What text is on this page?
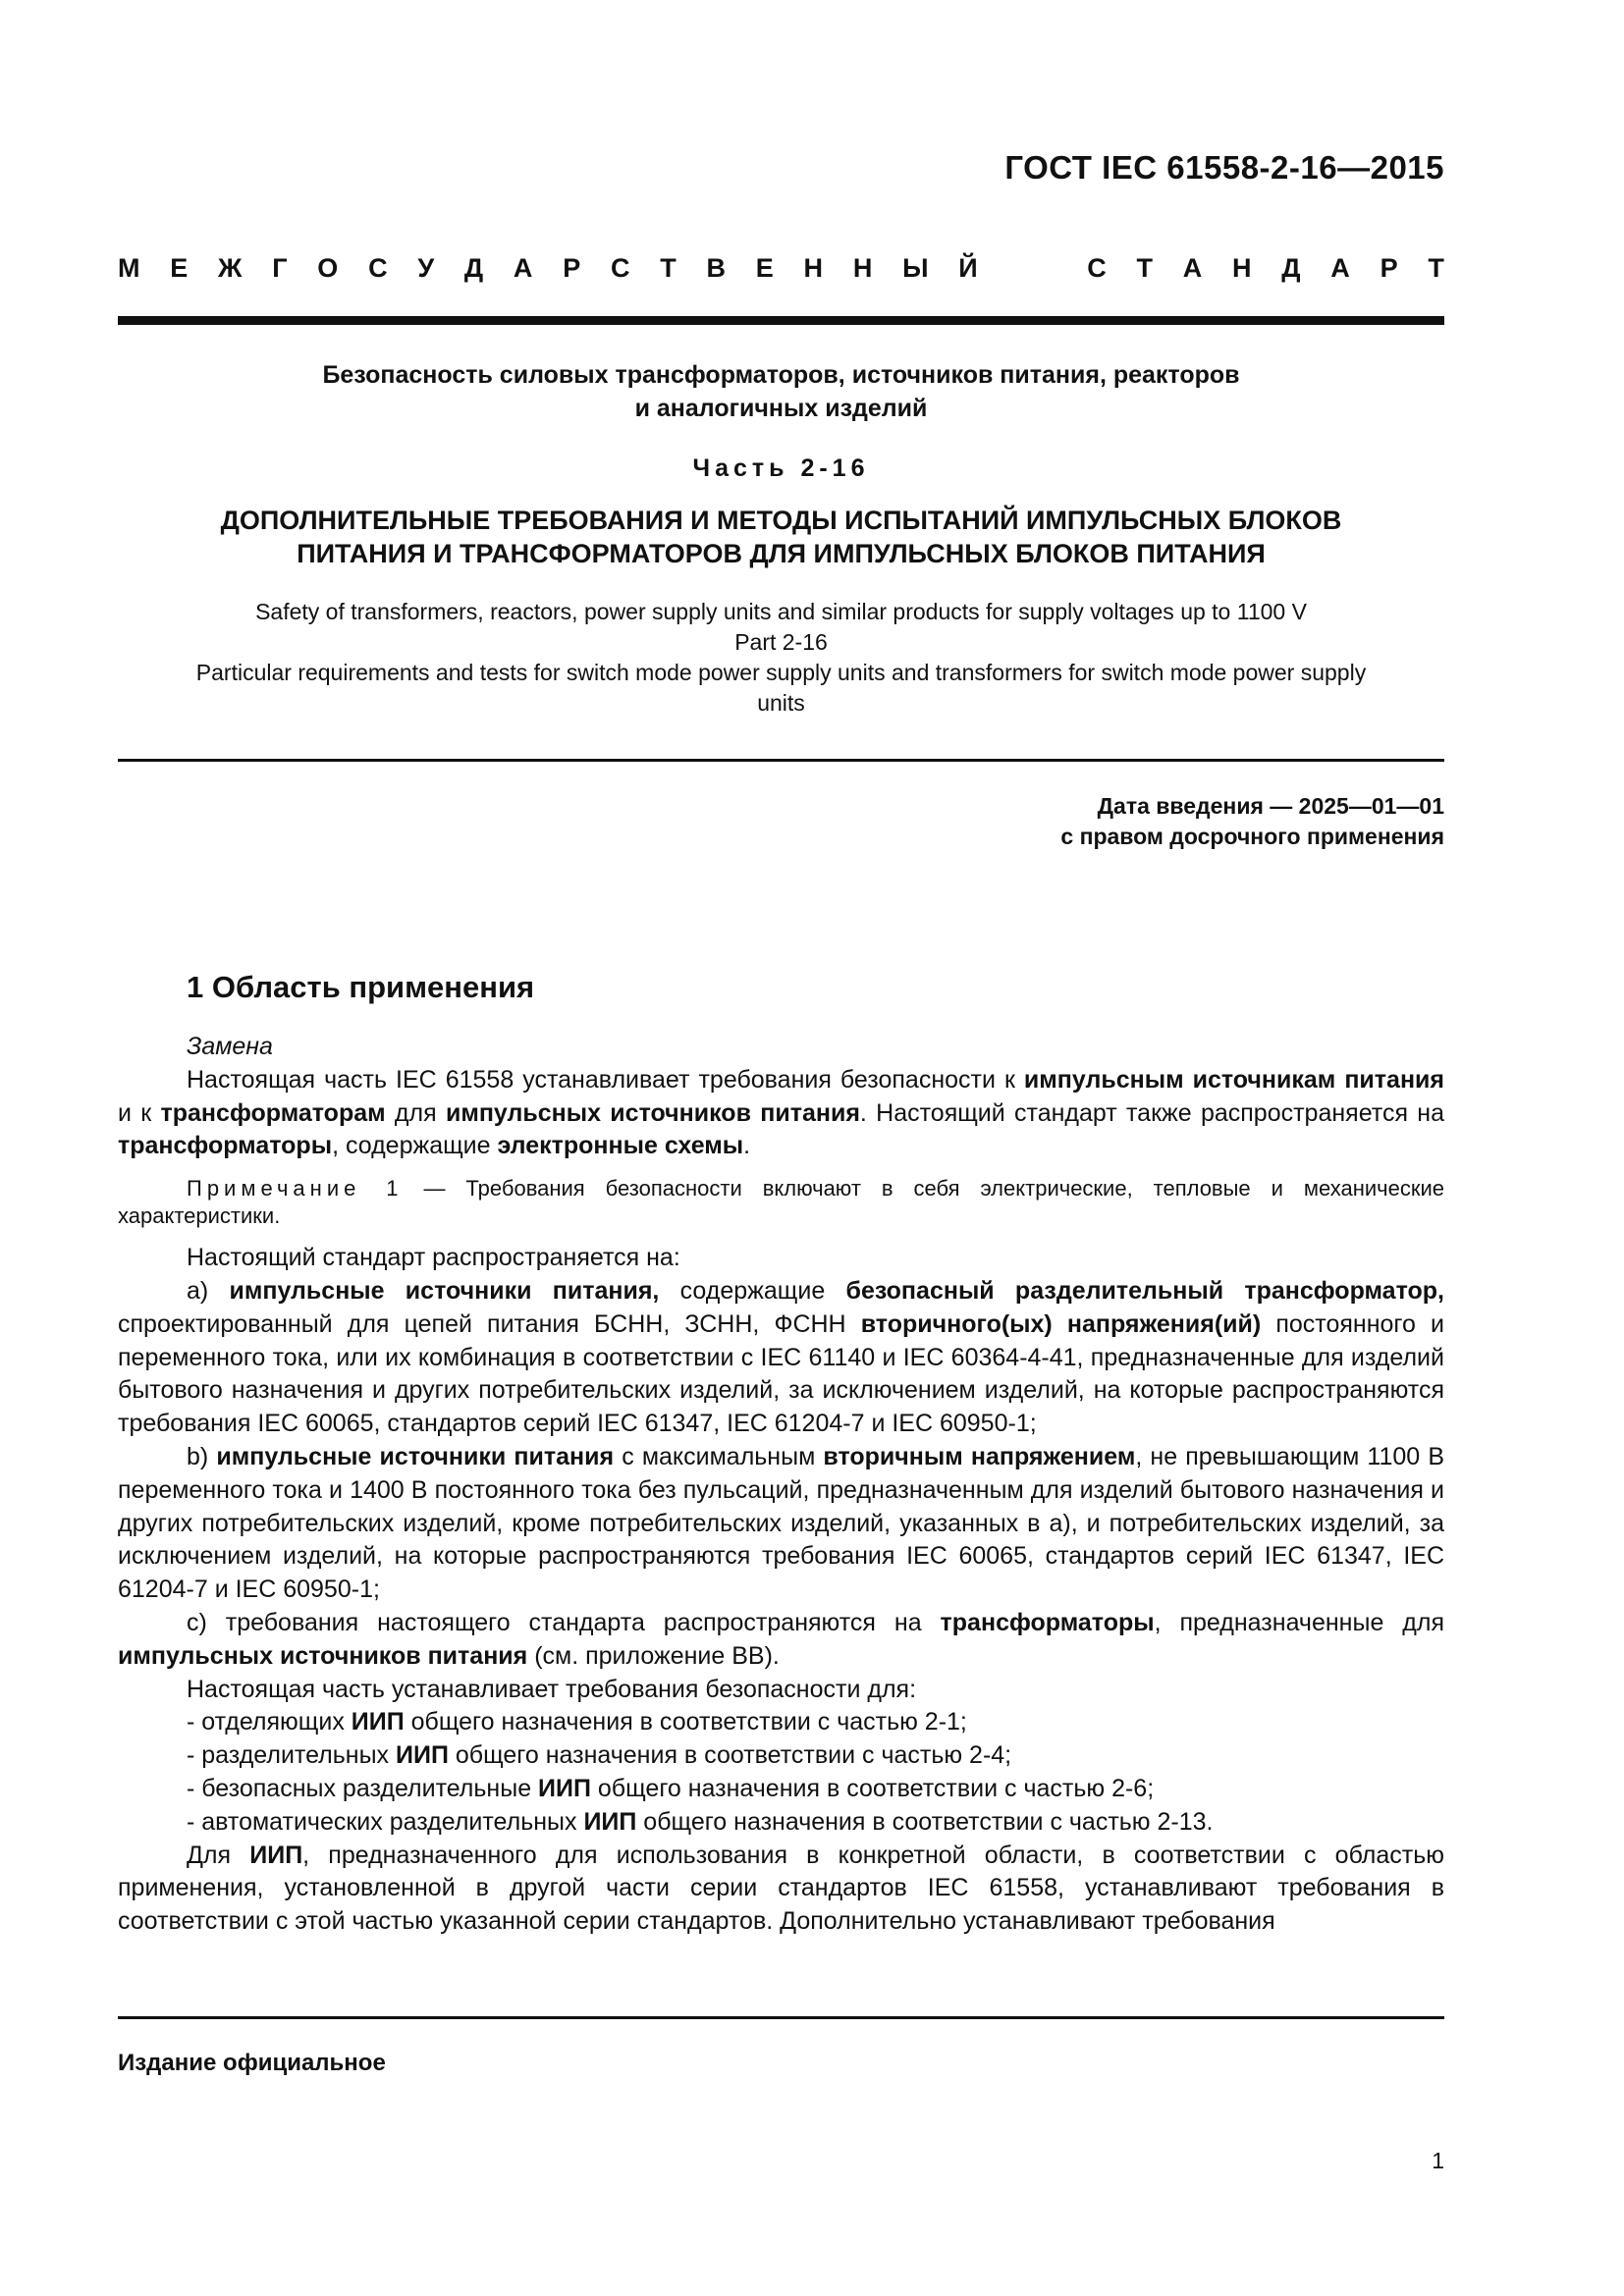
ГОСТ IEC 61558-2-16—2015
М Е Ж Г О С У Д А Р С Т В Е Н Н Ы Й	С Т А Н Д А Р Т
Безопасность силовых трансформаторов, источников питания, реакторов
и аналогичных изделий
Часть 2-16
ДОПОЛНИТЕЛЬНЫЕ ТРЕБОВАНИЯ И МЕТОДЫ ИСПЫТАНИЙ ИМПУЛЬСНЫХ БЛОКОВ
ПИТАНИЯ И ТРАНСФОРМАТОРОВ ДЛЯ ИМПУЛЬСНЫХ БЛОКОВ ПИТАНИЯ
Safety of transformers, reactors, power supply units and similar products for supply voltages up to 1100 V
Part 2-16
Particular requirements and tests for switch mode power supply units and transformers for switch mode power supply
units
Дата введения — 2025—01—01
с правом досрочного применения
1 Область применения

Замена

Настоящая часть IEC 61558 устанавливает требования безопасности к импульсным источникам питания и к трансформаторам для импульсных источников питания. Настоящий стандарт также распространяется на трансформаторы, содержащие электронные схемы.

Примечание 1 — Требования безопасности включают в себя электрические, тепловые и механические характеристики.

Настоящий стандарт распространяется на:

a) импульсные источники питания, содержащие безопасный разделительный трансформатор, спроектированный для цепей питания БСНН, ЗСНН, ФСНН вторичного(ых) напряжения(ий) постоянного и переменного тока, или их комбинация в соответствии с IEC 61140 и IEC 60364-4-41, предназначенные для изделий бытового назначения и других потребительских изделий, за исключением изделий, на которые распространяются требования IEC 60065, стандартов серий IEC 61347, IEC 61204-7 и IEC 60950-1;

b) импульсные источники питания с максимальным вторичным напряжением, не превышающим 1100 В переменного тока и 1400 В постоянного тока без пульсаций, предназначенным для изделий бытового назначения и других потребительских изделий, кроме потребительских изделий, указанных в а), и потребительских изделий, за исключением изделий, на которые распространяются требования IEC 60065, стандартов серий IEC 61347, IEC 61204-7 и IEC 60950-1;

c) требования настоящего стандарта распространяются на трансформаторы, предназначенные для импульсных источников питания (см. приложение ВВ).

Настоящая часть устанавливает требования безопасности для:

- отделяющих ИИП общего назначения в соответствии с частью 2-1;

- разделительных ИИП общего назначения в соответствии с частью 2-4;

- безопасных разделительные ИИП общего назначения в соответствии с частью 2-6;

- автоматических разделительных ИИП общего назначения в соответствии с частью 2-13.

Для ИИП, предназначенного для использования в конкретной области, в соответствии с областью применения, установленной в другой части серии стандартов IEC 61558, устанавливают требования в соответствии с этой частью указанной серии стандартов. Дополнительно устанавливают требования

Издание официальное
1
